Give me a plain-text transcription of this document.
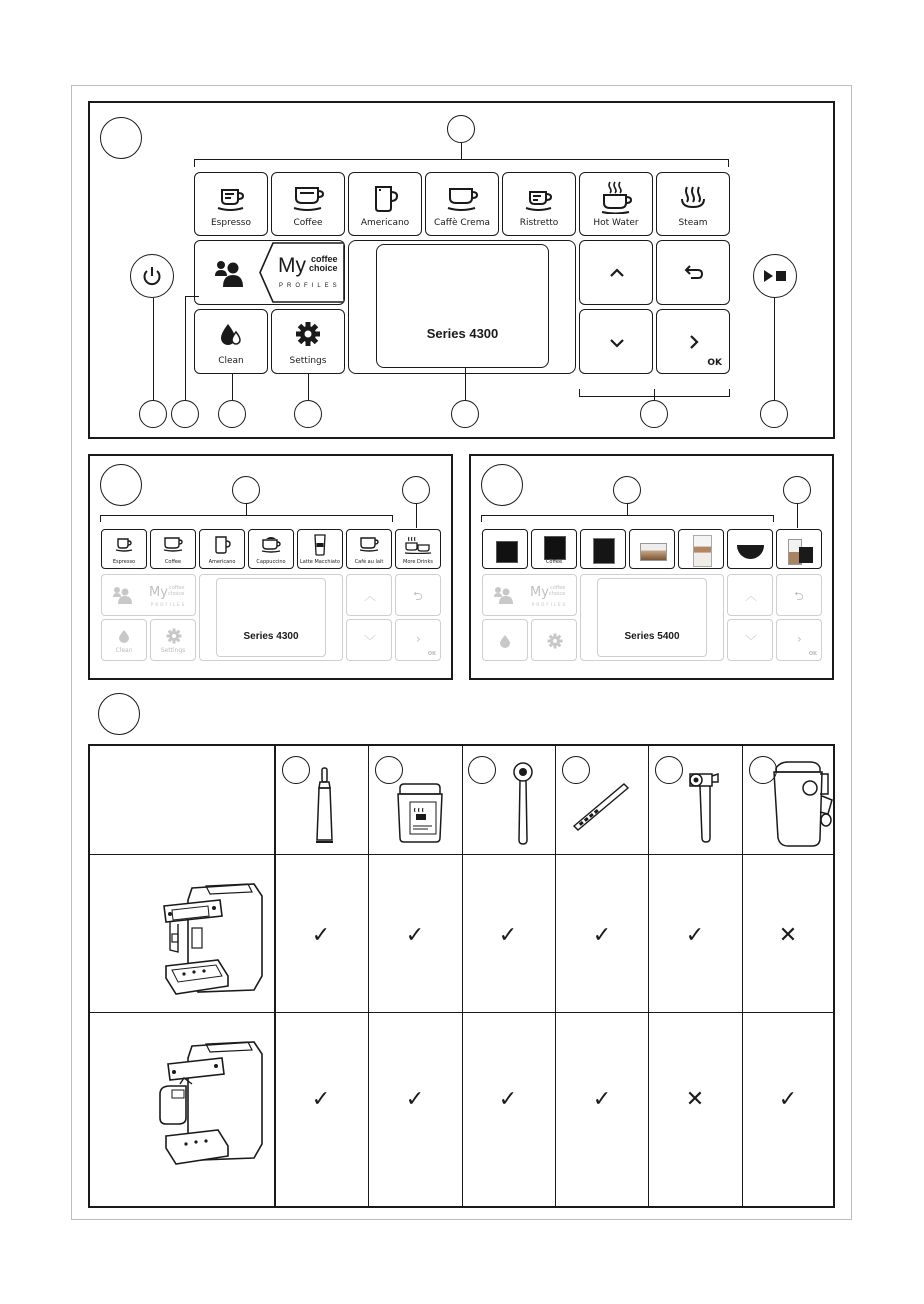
Espresso	Coffee	Americano	Caffè Crema	Ristretto	Hot Water	Steam
My coffee
choice
PROFILES
Clean	Settings
Series 4300
OK
Espresso	Coffee	Americano	Cappuccino	Latte Macchiato	Café au lait	More Drinks
My coffee
choice
PROFILES
Clean	Settings
Series 4300
︿	⮌
﹀	›
OK
Coffee
My coffee
choice
PROFILES
Series 5400
︿	⮌
﹀	›
OK
✓	✓	✓	✓	✓	✕
✓	✓	✓	✓	✕	✓
